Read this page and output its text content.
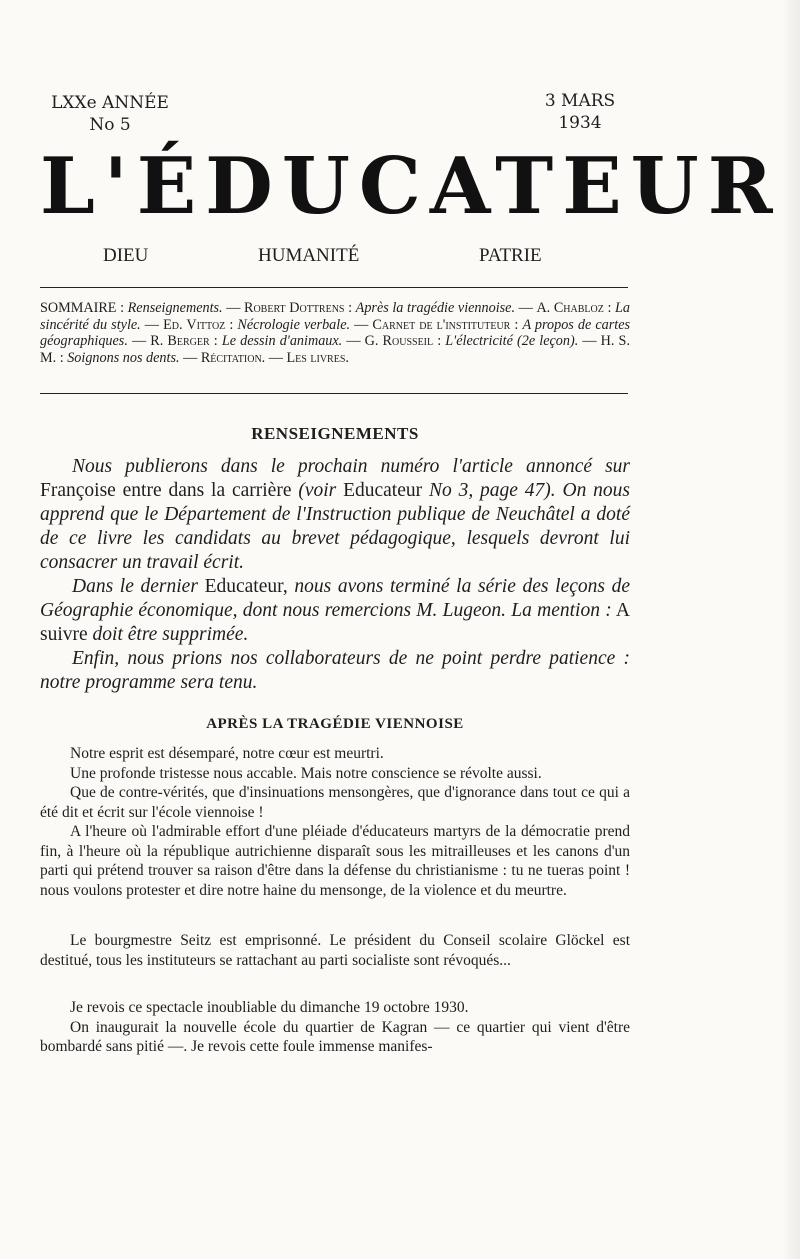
LXXe ANNÉE
No 5
3 MARS
1934
L'ÉDUCATEUR
DIEU	HUMANITÉ	PATRIE
SOMMAIRE : Renseignements. — Robert Dottrens : Après la tragédie viennoise. — A. Chabloz : La sincérité du style. — Ed. Vittoz : Nécrologie verbale. — Carnet de l'instituteur : A propos de cartes géographiques. — R. Berger : Le dessin d'animaux. — G. Rousseil : L'électricité (2e leçon). — H. S. M. : Soignons nos dents. — Récitation. — Les livres.
RENSEIGNEMENTS

Nous publierons dans le prochain numéro l'article annoncé sur Françoise entre dans la carrière (voir Educateur No 3, page 47). On nous apprend que le Département de l'Instruction publique de Neuchâtel a doté de ce livre les candidats au brevet pédagogique, lesquels devront lui consacrer un travail écrit.

Dans le dernier Educateur, nous avons terminé la série des leçons de Géographie économique, dont nous remercions M. Lugeon. La mention : A suivre doit être supprimée.

Enfin, nous prions nos collaborateurs de ne point perdre patience : notre programme sera tenu.

APRÈS LA TRAGÉDIE VIENNOISE

Notre esprit est désemparé, notre cœur est meurtri.

Une profonde tristesse nous accable. Mais notre conscience se révolte aussi.

Que de contre-vérités, que d'insinuations mensongères, que d'ignorance dans tout ce qui a été dit et écrit sur l'école viennoise !

A l'heure où l'admirable effort d'une pléiade d'éducateurs martyrs de la démocratie prend fin, à l'heure où la république autrichienne disparaît sous les mitrailleuses et les canons d'un parti qui prétend trouver sa raison d'être dans la défense du christianisme : tu ne tueras point ! nous voulons protester et dire notre haine du mensonge, de la violence et du meurtre.

Le bourgmestre Seitz est emprisonné. Le président du Conseil scolaire Glöckel est destitué, tous les instituteurs se rattachant au parti socialiste sont révoqués...

Je revois ce spectacle inoubliable du dimanche 19 octobre 1930.

On inaugurait la nouvelle école du quartier de Kagran — ce quartier qui vient d'être bombardé sans pitié —. Je revois cette foule immense manifes-
